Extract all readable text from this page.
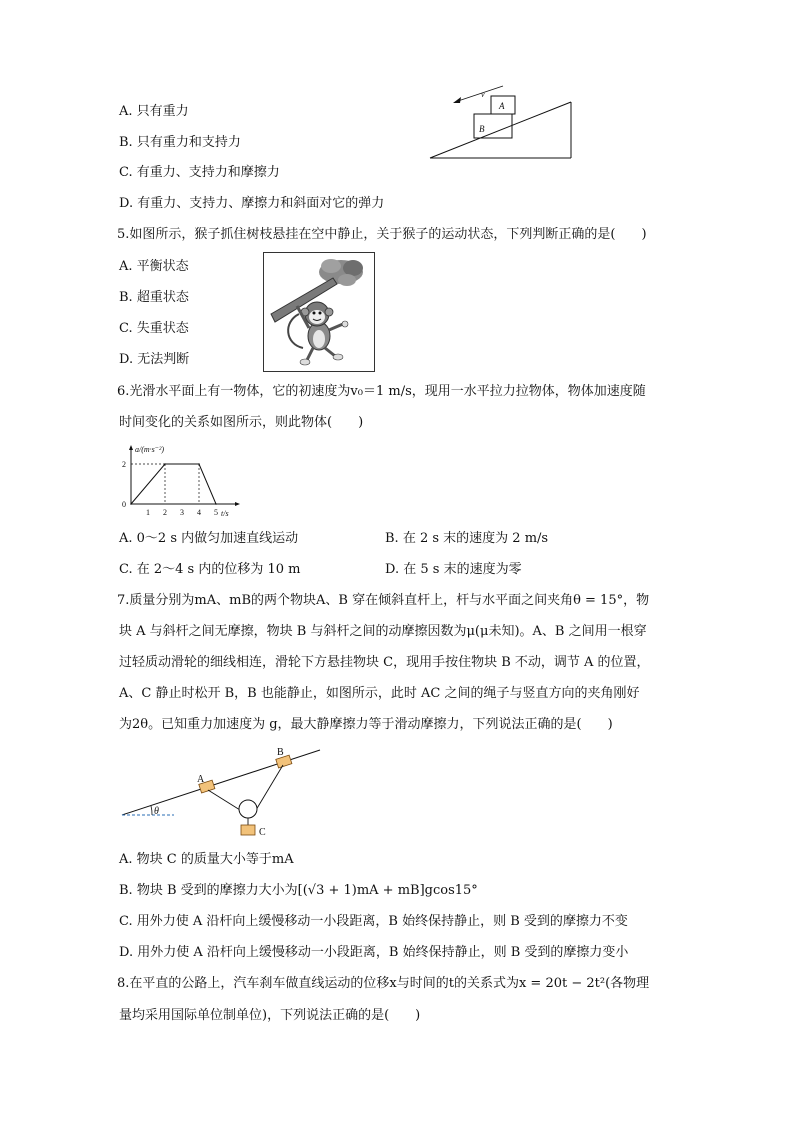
A. 只有重力
B. 只有重力和支持力
C. 有重力、支持力和摩擦力
D. 有重力、支持力、摩擦力和斜面对它的弹力
A
B
v
5.如图所示，猴子抓住树枝悬挂在空中静止，关于猴子的运动状态，下列判断正确的是(　　)
A. 平衡状态
B. 超重状态
C. 失重状态
D. 无法判断
6.光滑水平面上有一物体，它的初速度为v₀＝1 m/s，现用一水平拉力拉物体，物体加速度随
时间变化的关系如图所示，则此物体(　　)
a/(m·s⁻²)
t/s
0
1 2 3 4 5
2
A. 0～2 s 内做匀加速直线运动	B. 在 2 s 末的速度为 2 m/s
C. 在 2～4 s 内的位移为 10 m	D. 在 5 s 末的速度为零
7.质量分别为mA、mB的两个物块A、B 穿在倾斜直杆上，杆与水平面之间夹角θ = 15°，物
块 A 与斜杆之间无摩擦，物块 B 与斜杆之间的动摩擦因数为μ(μ未知)。A、B 之间用一根穿
过轻质动滑轮的细线相连，滑轮下方悬挂物块 C，现用手按住物块 B 不动，调节 A 的位置，
A、C 静止时松开 B，B 也能静止，如图所示，此时 AC 之间的绳子与竖直方向的夹角刚好
为2θ。已知重力加速度为 g，最大静摩擦力等于滑动摩擦力，下列说法正确的是(　　)
θ
A
B
C
A. 物块 C 的质量大小等于mA
B. 物块 B 受到的摩擦力大小为[(√3 + 1)mA + mB]gcos15°
C. 用外力使 A 沿杆向上缓慢移动一小段距离，B 始终保持静止，则 B 受到的摩擦力不变
D. 用外力使 A 沿杆向上缓慢移动一小段距离，B 始终保持静止，则 B 受到的摩擦力变小
8.在平直的公路上，汽车刹车做直线运动的位移x与时间的t的关系式为x = 20t − 2t²(各物理
量均采用国际单位制单位)，下列说法正确的是(　　)
